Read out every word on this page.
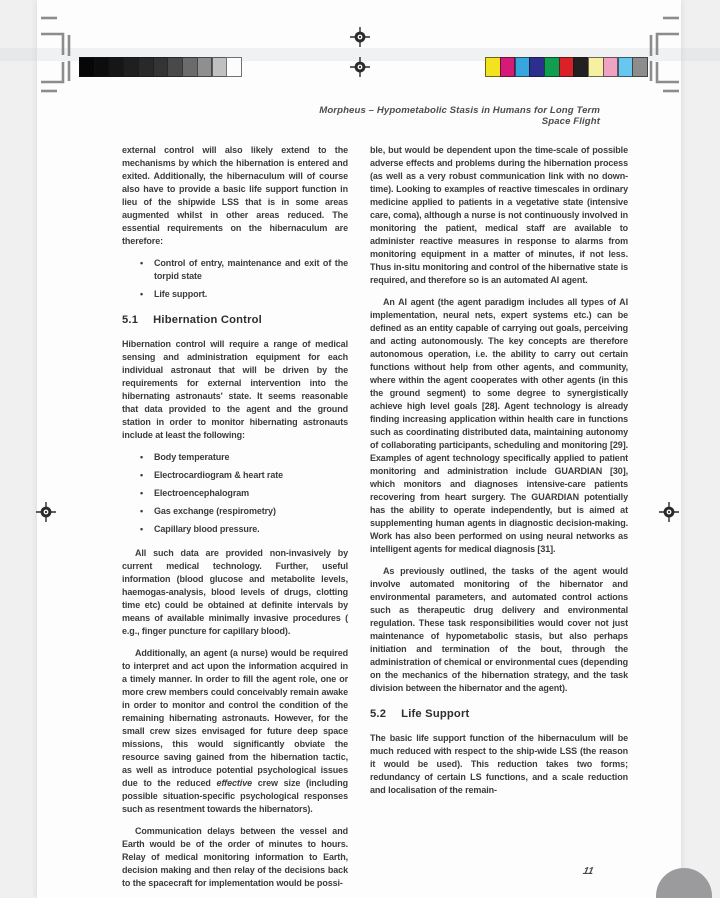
Morpheus – Hypometabolic Stasis in Humans for Long Term Space Flight

external control will also likely extend to the mechanisms by which the hibernation is entered and exited. Additionally, the hibernaculum will of course also have to provide a basic life support function in lieu of the shipwide LSS that is in some areas augmented whilst in other areas reduced. The essential requirements on the hibernaculum are therefore:

• Control of entry, maintenance and exit of the torpid state
• Life support.
5.1 Hibernation Control

Hibernation control will require a range of medical sensing and administration equipment for each individual astronaut that will be driven by the requirements for external intervention into the hibernating astronauts' state. It seems reasonable that data provided to the agent and the ground station in order to monitor hibernating astronauts include at least the following:

• Body temperature
• Electrocardiogram & heart rate
• Electroencephalogram
• Gas exchange (respirometry)
• Capillary blood pressure.

All such data are provided non-invasively by current medical technology. Further, useful information (blood glucose and metabolite levels, haemogas-analysis, blood levels of drugs, clotting time etc) could be obtained at definite intervals by means of available minimally invasive procedures ( e.g., finger puncture for capillary blood).

Additionally, an agent (a nurse) would be required to interpret and act upon the information acquired in a timely manner. In order to fill the agent role, one or more crew members could conceivably remain awake in order to monitor and control the condition of the remaining hibernating astronauts. However, for the small crew sizes envisaged for future deep space missions, this would significantly obviate the resource saving gained from the hibernation tactic, as well as introduce potential psychological issues due to the reduced effective crew size (including possible situation-specific psychological responses such as resentment towards the hibernators).

Communication delays between the vessel and Earth would be of the order of minutes to hours. Relay of medical monitoring information to Earth, decision making and then relay of the decisions back to the spacecraft for implementation would be possi-

ble, but would be dependent upon the time-scale of possible adverse effects and problems during the hibernation process (as well as a very robust communication link with no down-time). Looking to examples of reactive timescales in ordinary medicine applied to patients in a vegetative state (intensive care, coma), although a nurse is not continuously involved in monitoring the patient, medical staff are available to administer reactive measures in response to alarms from monitoring equipment in a matter of minutes, if not less. Thus in-situ monitoring and control of the hibernative state is required, and therefore so is an automated AI agent.

An AI agent (the agent paradigm includes all types of AI implementation, neural nets, expert systems etc.) can be defined as an entity capable of carrying out goals, perceiving and acting autonomously. The key concepts are therefore autonomous operation, i.e. the ability to carry out certain functions without help from other agents, and community, where within the agent cooperates with other agents (in this the ground segment) to some degree to synergistically achieve high level goals [28]. Agent technology is already finding increasing application within health care in functions such as coordinating distributed data, maintaining autonomy of collaborating participants, scheduling and monitoring [29]. Examples of agent technology specifically applied to patient monitoring and administration include GUARDIAN [30], which monitors and diagnoses intensive-care patients recovering from heart surgery. The GUARDIAN potentially has the ability to operate independently, but is aimed at supplementing human agents in diagnostic decision-making. Work has also been performed on using neural networks as intelligent agents for medical diagnosis [31].

As previously outlined, the tasks of the agent would involve automated monitoring of the hibernator and environmental parameters, and automated control actions such as therapeutic drug delivery and environmental regulation. These task responsibilities would cover not just maintenance of hypometabolic stasis, but also perhaps initiation and termination of the bout, through the administration of chemical or environmental cues (depending on the mechanics of the hibernation strategy, and the task division between the hibernator and the agent).

5.2 Life Support

The basic life support function of the hibernaculum will be much reduced with respect to the ship-wide LSS (the reason it would be used). This reduction takes two forms; redundancy of certain LS functions, and a scale reduction and localisation of the remain-

11
